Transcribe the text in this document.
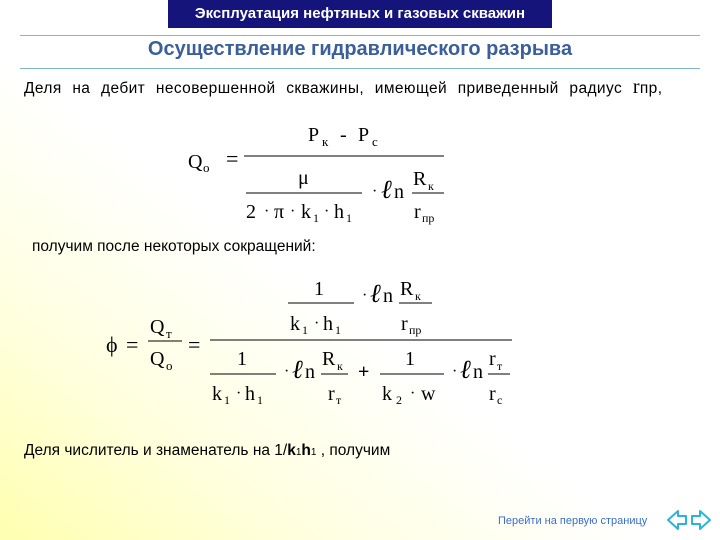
Эксплуатация нефтяных и газовых скважин
Осуществление гидравлического разрыва
Деля на дебит несовершенной скважины, имеющей приведенный радиус rпр,
Q о =
P к - P c
μ
2 · π · k 1 · h 1
· ℓ n
R к
r пр
получим после некоторых сокращений:
ϕ =
Q т
Q о
=
1
k 1 · h 1
· ℓ n R к
r пр
1
k 1 · h 1
· ℓ n
R к
r т
+
1
k 2 · w
· ℓ n
r т
r с
Деля числитель и знаменатель на 1/k1h1 , получим
Перейти на первую страницу
